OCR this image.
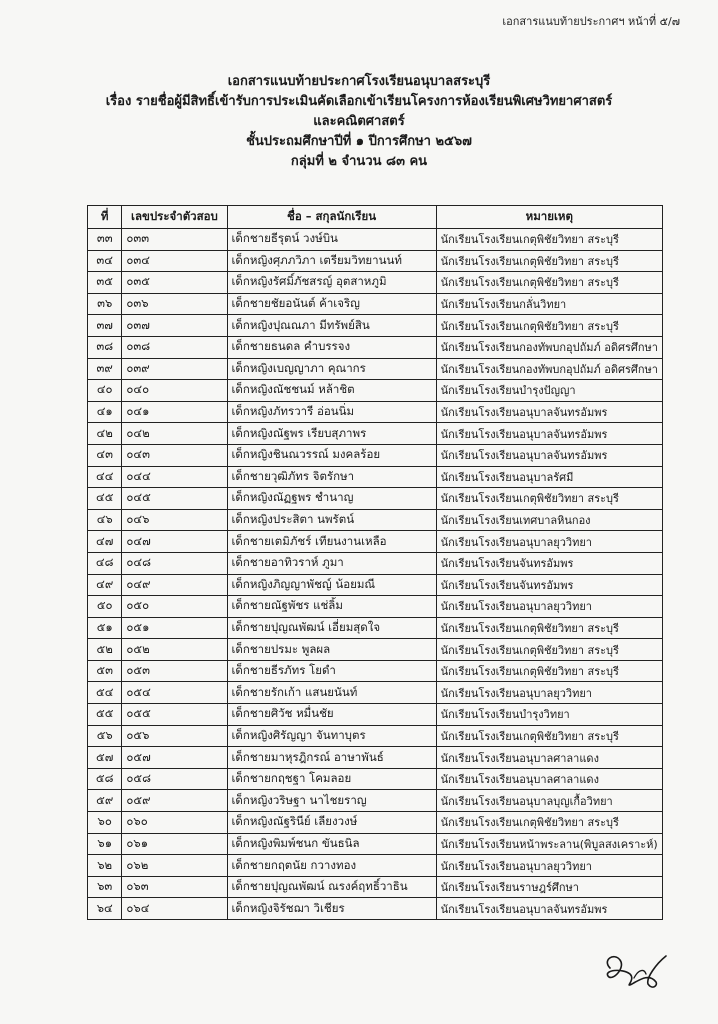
เอกสารแนบท้ายประกาศฯ หน้าที่ ๕/๗
เอกสารแนบท้ายประกาศโรงเรียนอนุบาลสระบุรี
เรื่อง รายชื่อผู้มีสิทธิ์เข้ารับการประเมินคัดเลือกเข้าเรียนโครงการห้องเรียนพิเศษวิทยาศาสตร์
และคณิตศาสตร์
ชั้นประถมศึกษาปีที่ ๑ ปีการศึกษา ๒๕๖๗
กลุ่มที่ ๒ จำนวน ๘๓ คน
ที่	เลขประจำตัวสอบ	ชื่อ – สกุลนักเรียน	หมายเหตุ
๓๓	๐๓๓	เด็กชายธีรุตน์ วงษ์บิน	นักเรียนโรงเรียนเกตุพิชัยวิทยา สระบุรี
๓๔	๐๓๔	เด็กหญิงศุภภวิภา เตรียมวิทยานนท์	นักเรียนโรงเรียนเกตุพิชัยวิทยา สระบุรี
๓๕	๐๓๕	เด็กหญิงรัศมิ์ภัชสรญ์ อุตสาหภูมิ	นักเรียนโรงเรียนเกตุพิชัยวิทยา สระบุรี
๓๖	๐๓๖	เด็กชายชัยอนันต์ ค้าเจริญ	นักเรียนโรงเรียนกลั่นวิทยา
๓๗	๐๓๗	เด็กหญิงปุณณภา มีทรัพย์สิน	นักเรียนโรงเรียนเกตุพิชัยวิทยา สระบุรี
๓๘	๐๓๘	เด็กชายธนดล คำบรรจง	นักเรียนโรงเรียนกองทัพบกอุปถัมภ์ อดิศรศึกษา
๓๙	๐๓๙	เด็กหญิงเบญญาภา คุณากร	นักเรียนโรงเรียนกองทัพบกอุปถัมภ์ อดิศรศึกษา
๔๐	๐๔๐	เด็กหญิงณัชชนม์ หล้าชิต	นักเรียนโรงเรียนบำรุงปัญญา
๔๑	๐๔๑	เด็กหญิงภัทรวารี อ่อนนิ่ม	นักเรียนโรงเรียนอนุบาลจันทรอัมพร
๔๒	๐๔๒	เด็กหญิงณัฐพร เรียบสุภาพร	นักเรียนโรงเรียนอนุบาลจันทรอัมพร
๔๓	๐๔๓	เด็กหญิงชินณวรรณ์ มงคลร้อย	นักเรียนโรงเรียนอนุบาลจันทรอัมพร
๔๔	๐๔๔	เด็กชายวุฒิภัทร จิตรักษา	นักเรียนโรงเรียนอนุบาลรัศมี
๔๕	๐๔๕	เด็กหญิงณัฏฐพร ชำนาญ	นักเรียนโรงเรียนเกตุพิชัยวิทยา สระบุรี
๔๖	๐๔๖	เด็กหญิงประสิตา นพรัตน์	นักเรียนโรงเรียนเทศบาลหินกอง
๔๗	๐๔๗	เด็กชายเตมิภัชร์ เทียนงานเหลือ	นักเรียนโรงเรียนอนุบาลยุววิทยา
๔๘	๐๔๘	เด็กชายอาทิวราห์ ภูมา	นักเรียนโรงเรียนจันทรอัมพร
๔๙	๐๔๙	เด็กหญิงภิญญาพัชญ์ น้อยมณี	นักเรียนโรงเรียนจันทรอัมพร
๕๐	๐๕๐	เด็กชายณัฐพัชร แช่ลิ้ม	นักเรียนโรงเรียนอนุบาลยุววิทยา
๕๑	๐๕๑	เด็กชายปุญณพัฒน์ เอี่ยมสุดใจ	นักเรียนโรงเรียนเกตุพิชัยวิทยา สระบุรี
๕๒	๐๕๒	เด็กชายปรมะ พูลผล	นักเรียนโรงเรียนเกตุพิชัยวิทยา สระบุรี
๕๓	๐๕๓	เด็กชายธีรภัทร โยดำ	นักเรียนโรงเรียนเกตุพิชัยวิทยา สระบุรี
๕๔	๐๕๔	เด็กชายรักเก้า แสนยนันท์	นักเรียนโรงเรียนอนุบาลยุววิทยา
๕๕	๐๕๕	เด็กชายศิวัช หมื่นชัย	นักเรียนโรงเรียนบำรุงวิทยา
๕๖	๐๕๖	เด็กหญิงศิรัญญา จันทาบุตร	นักเรียนโรงเรียนเกตุพิชัยวิทยา สระบุรี
๕๗	๐๕๗	เด็กชายมาหุรฎิกรณ์ อาษาพันธ์	นักเรียนโรงเรียนอนุบาลศาลาแดง
๕๘	๐๕๘	เด็กชายกฤชฐา โคมลอย	นักเรียนโรงเรียนอนุบาลศาลาแดง
๕๙	๐๕๙	เด็กหญิงวริษฐา นาไชยราญ	นักเรียนโรงเรียนอนุบาลบุญเกื้อวิทยา
๖๐	๐๖๐	เด็กหญิงณัฐรินีย์ เลียงวงษ์	นักเรียนโรงเรียนเกตุพิชัยวิทยา สระบุรี
๖๑	๐๖๑	เด็กหญิงพิมพ์ชนก ขันธนิล	นักเรียนโรงเรียนหน้าพระลาน(พิบูลสงเคราะห์)
๖๒	๐๖๒	เด็กชายกฤตนัย กวางทอง	นักเรียนโรงเรียนอนุบาลยุววิทยา
๖๓	๐๖๓	เด็กชายปุญณพัฒน์ ณรงค์ฤทธิ์วาธิน	นักเรียนโรงเรียนราษฎร์ศึกษา
๖๔	๐๖๔	เด็กหญิงจิรัชฌา วิเชียร	นักเรียนโรงเรียนอนุบาลจันทรอัมพร
